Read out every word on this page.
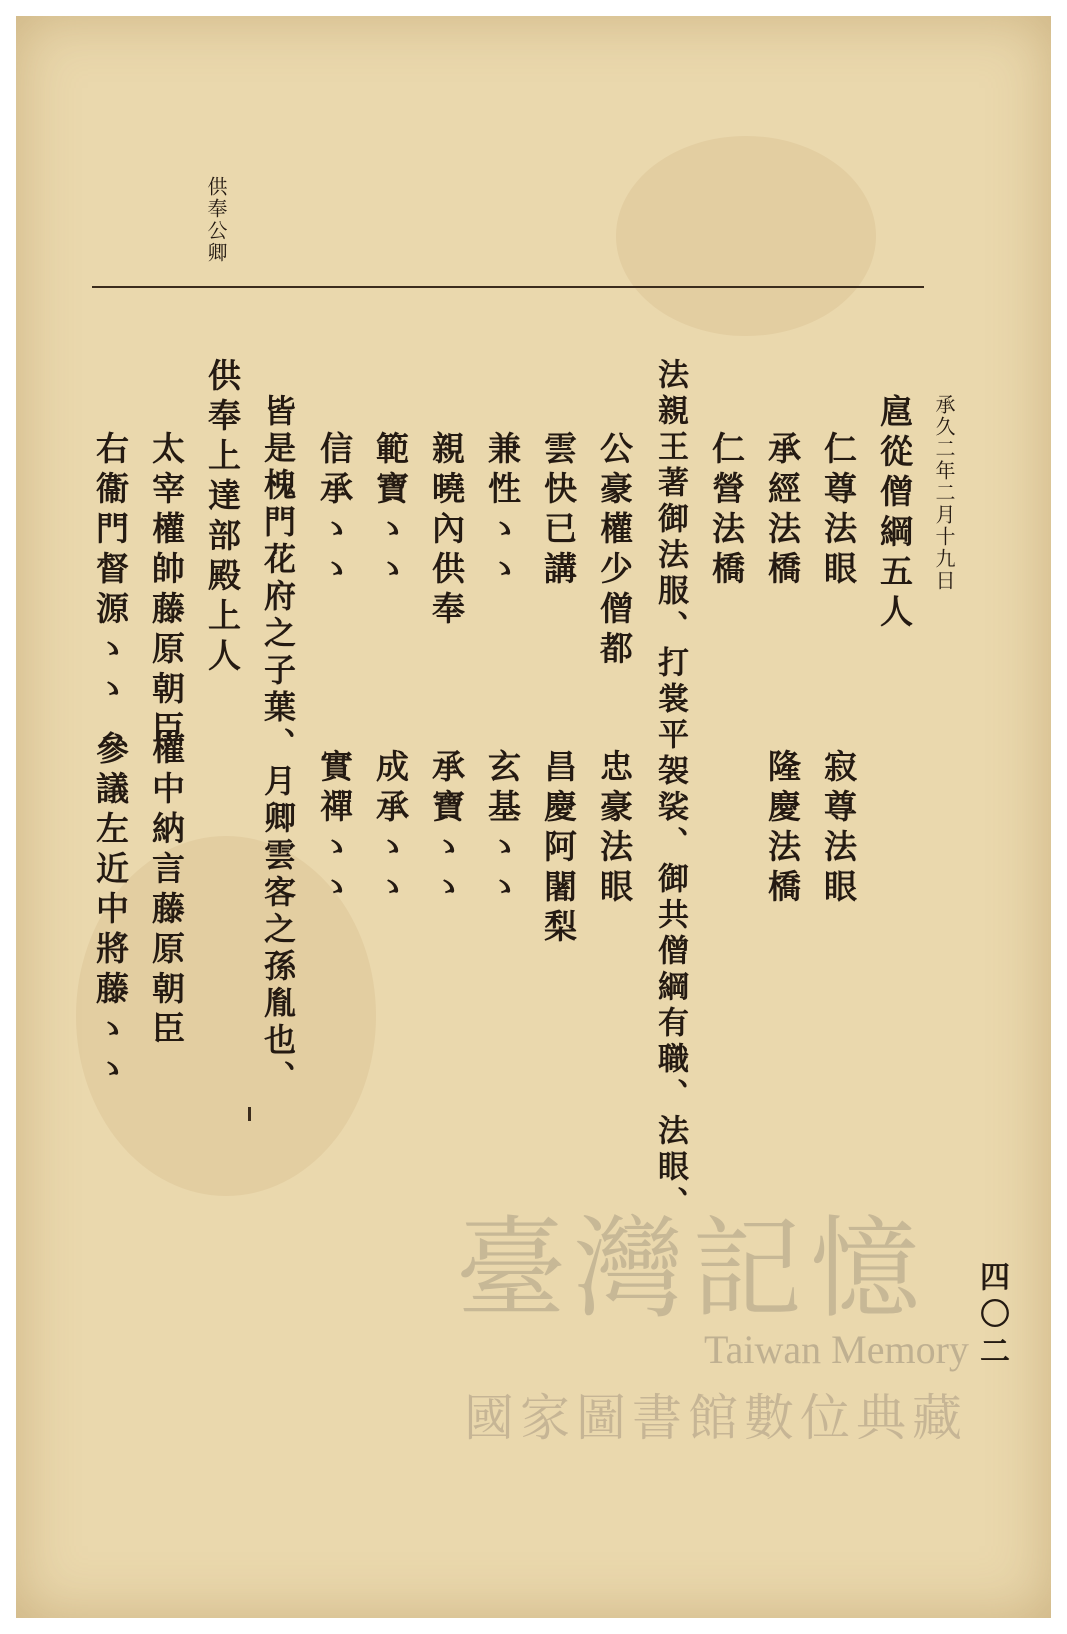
供奉公卿
承久二年二月十九日
扈從僧綱五人
仁尊法眼
寂尊法眼
承經法橋
隆慶法橋
仁營法橋
法親王著御法服、打裳平袈裟、御共僧綱有職、法眼、
公豪權少僧都
忠豪法眼
雲快已講
昌慶阿闍梨
兼性ゝゝ
玄基ゝゝ
親曉內供奉
承寶ゝゝ
範寶ゝゝ
成承ゝゝ
信承ゝゝ
實禪ゝゝ
皆是槐門花府之子葉、月卿雲客之孫胤也、
供奉上達部殿上人
太宰權帥藤原朝臣
權中納言藤原朝臣
右衞門督源ゝゝ
參議左近中將藤ゝゝ
四〇二
臺灣記憶
Taiwan Memory
國家圖書館數位典藏
